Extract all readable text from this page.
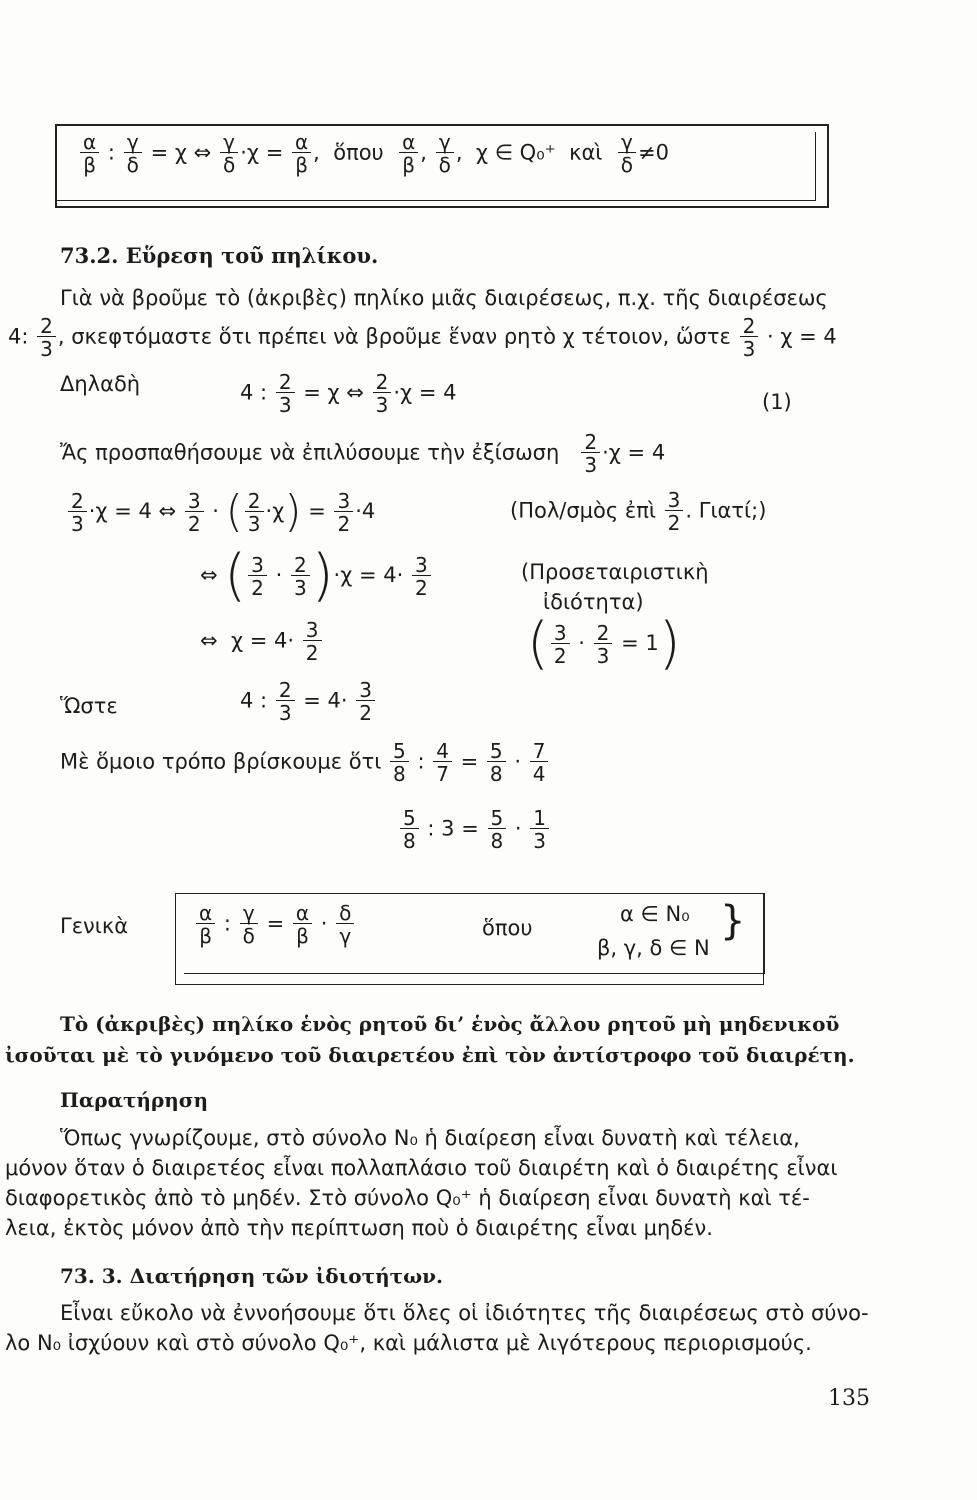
$\frac{\alpha}{\beta}$ : $\frac{\gamma}{\delta} = \chi$ ⇔ $\frac{\gamma}{\delta} \cdot\chi = \frac{\alpha}{\beta}$ , ὅπου $\frac{\alpha}{\beta}$ , $\frac{\gamma}{\delta}$ ,  χ ∈ Q₀⁺ καὶ $\frac{\gamma}{\delta} \ne 0$
73.2. Εὕρεση τοῦ πηλίκου.
Γιὰ νὰ βροῦμε τὸ (ἀκριβὲς) πηλίκο μιᾶς διαιρέσεως, π.χ. τῆς διαιρέσεως
4: $\frac{2}{3}$ , σκεφτόμαστε ὅτι πρέπει νὰ βροῦμε ἕναν ρητὸ χ τέτοιον, ὥστε $\frac{2}{3} \cdot \chi = 4$
Δηλαδὴ	4 : $\frac{2}{3} = \chi$ ⇔ $\frac{2}{3} \cdot\chi = 4$	(1)
Ἄς προσπαθήσουμε νὰ ἐπιλύσουμε τὴν ἐξίσωση $\frac{2}{3} \cdot\chi = 4$
$\frac{2}{3} \cdot\chi = 4$ ⇔ $\frac{3}{2}$ · ( $\frac{2}{3} \cdot\chi) = \frac{3}{2} \cdot 4$	(Πολ/σμὸς ἐπὶ $\frac{3}{2}$ . Γιατί;)
⇔ ( $\frac{3}{2} \cdot \frac{2}{3} )\cdot\chi = 4\cdot \frac{3}{2}$	(Προσεταιριστικὴ
ἰδιότητα)
⇔ $\chi = 4\cdot \frac{3}{2}$	( $\frac{3}{2} \cdot \frac{2}{3} = 1$)
Ὥστε	4 : $\frac{2}{3} = 4\cdot \frac{3}{2}$
Μὲ ὅμοιο τρόπο βρίσκουμε ὅτι $\frac{5}{8}$ : $\frac{4}{7} = \frac{5}{8} \cdot \frac{7}{4}$
$\frac{5}{8}$ : $3 = \frac{5}{8} \cdot \frac{1}{3}$
Γενικὰ	$\frac{\alpha}{\beta}$ : $\frac{\gamma}{\delta} = \frac{\alpha}{\beta} \cdot \frac{\delta}{\gamma}$	ὅπου
α ∈ N₀
β, γ, δ ∈ N
}
Τὸ (ἀκριβὲς) πηλίκο ἑνὸς ρητοῦ δι’ ἑνὸς ἄλλου ρητοῦ μὴ μηδενικοῦ
ἰσοῦται μὲ τὸ γινόμενο τοῦ διαιρετέου ἐπὶ τὸν ἀντίστροφο τοῦ διαιρέτη.
Παρατήρηση
Ὅπως γνωρίζουμε, στὸ σύνολο N₀ ἡ διαίρεση εἶναι δυνατὴ καὶ τέλεια,
μόνον ὅταν ὁ διαιρετέος εἶναι πολλαπλάσιο τοῦ διαιρέτη καὶ ὁ διαιρέτης εἶναι
διαφορετικὸς ἀπὸ τὸ μηδέν. Στὸ σύνολο Q₀⁺ ἡ διαίρεση εἶναι δυνατὴ καὶ τέ-
λεια, ἐκτὸς μόνον ἀπὸ τὴν περίπτωση ποὺ ὁ διαιρέτης εἶναι μηδέν.
73. 3. Διατήρηση τῶν ἰδιοτήτων.
Εἶναι εὔκολο νὰ ἐννοήσουμε ὅτι ὅλες οἱ ἰδιότητες τῆς διαιρέσεως στὸ σύνο-
λο N₀ ἰσχύουν καὶ στὸ σύνολο Q₀⁺, καὶ μάλιστα μὲ λιγότερους περιορισμούς.
135
